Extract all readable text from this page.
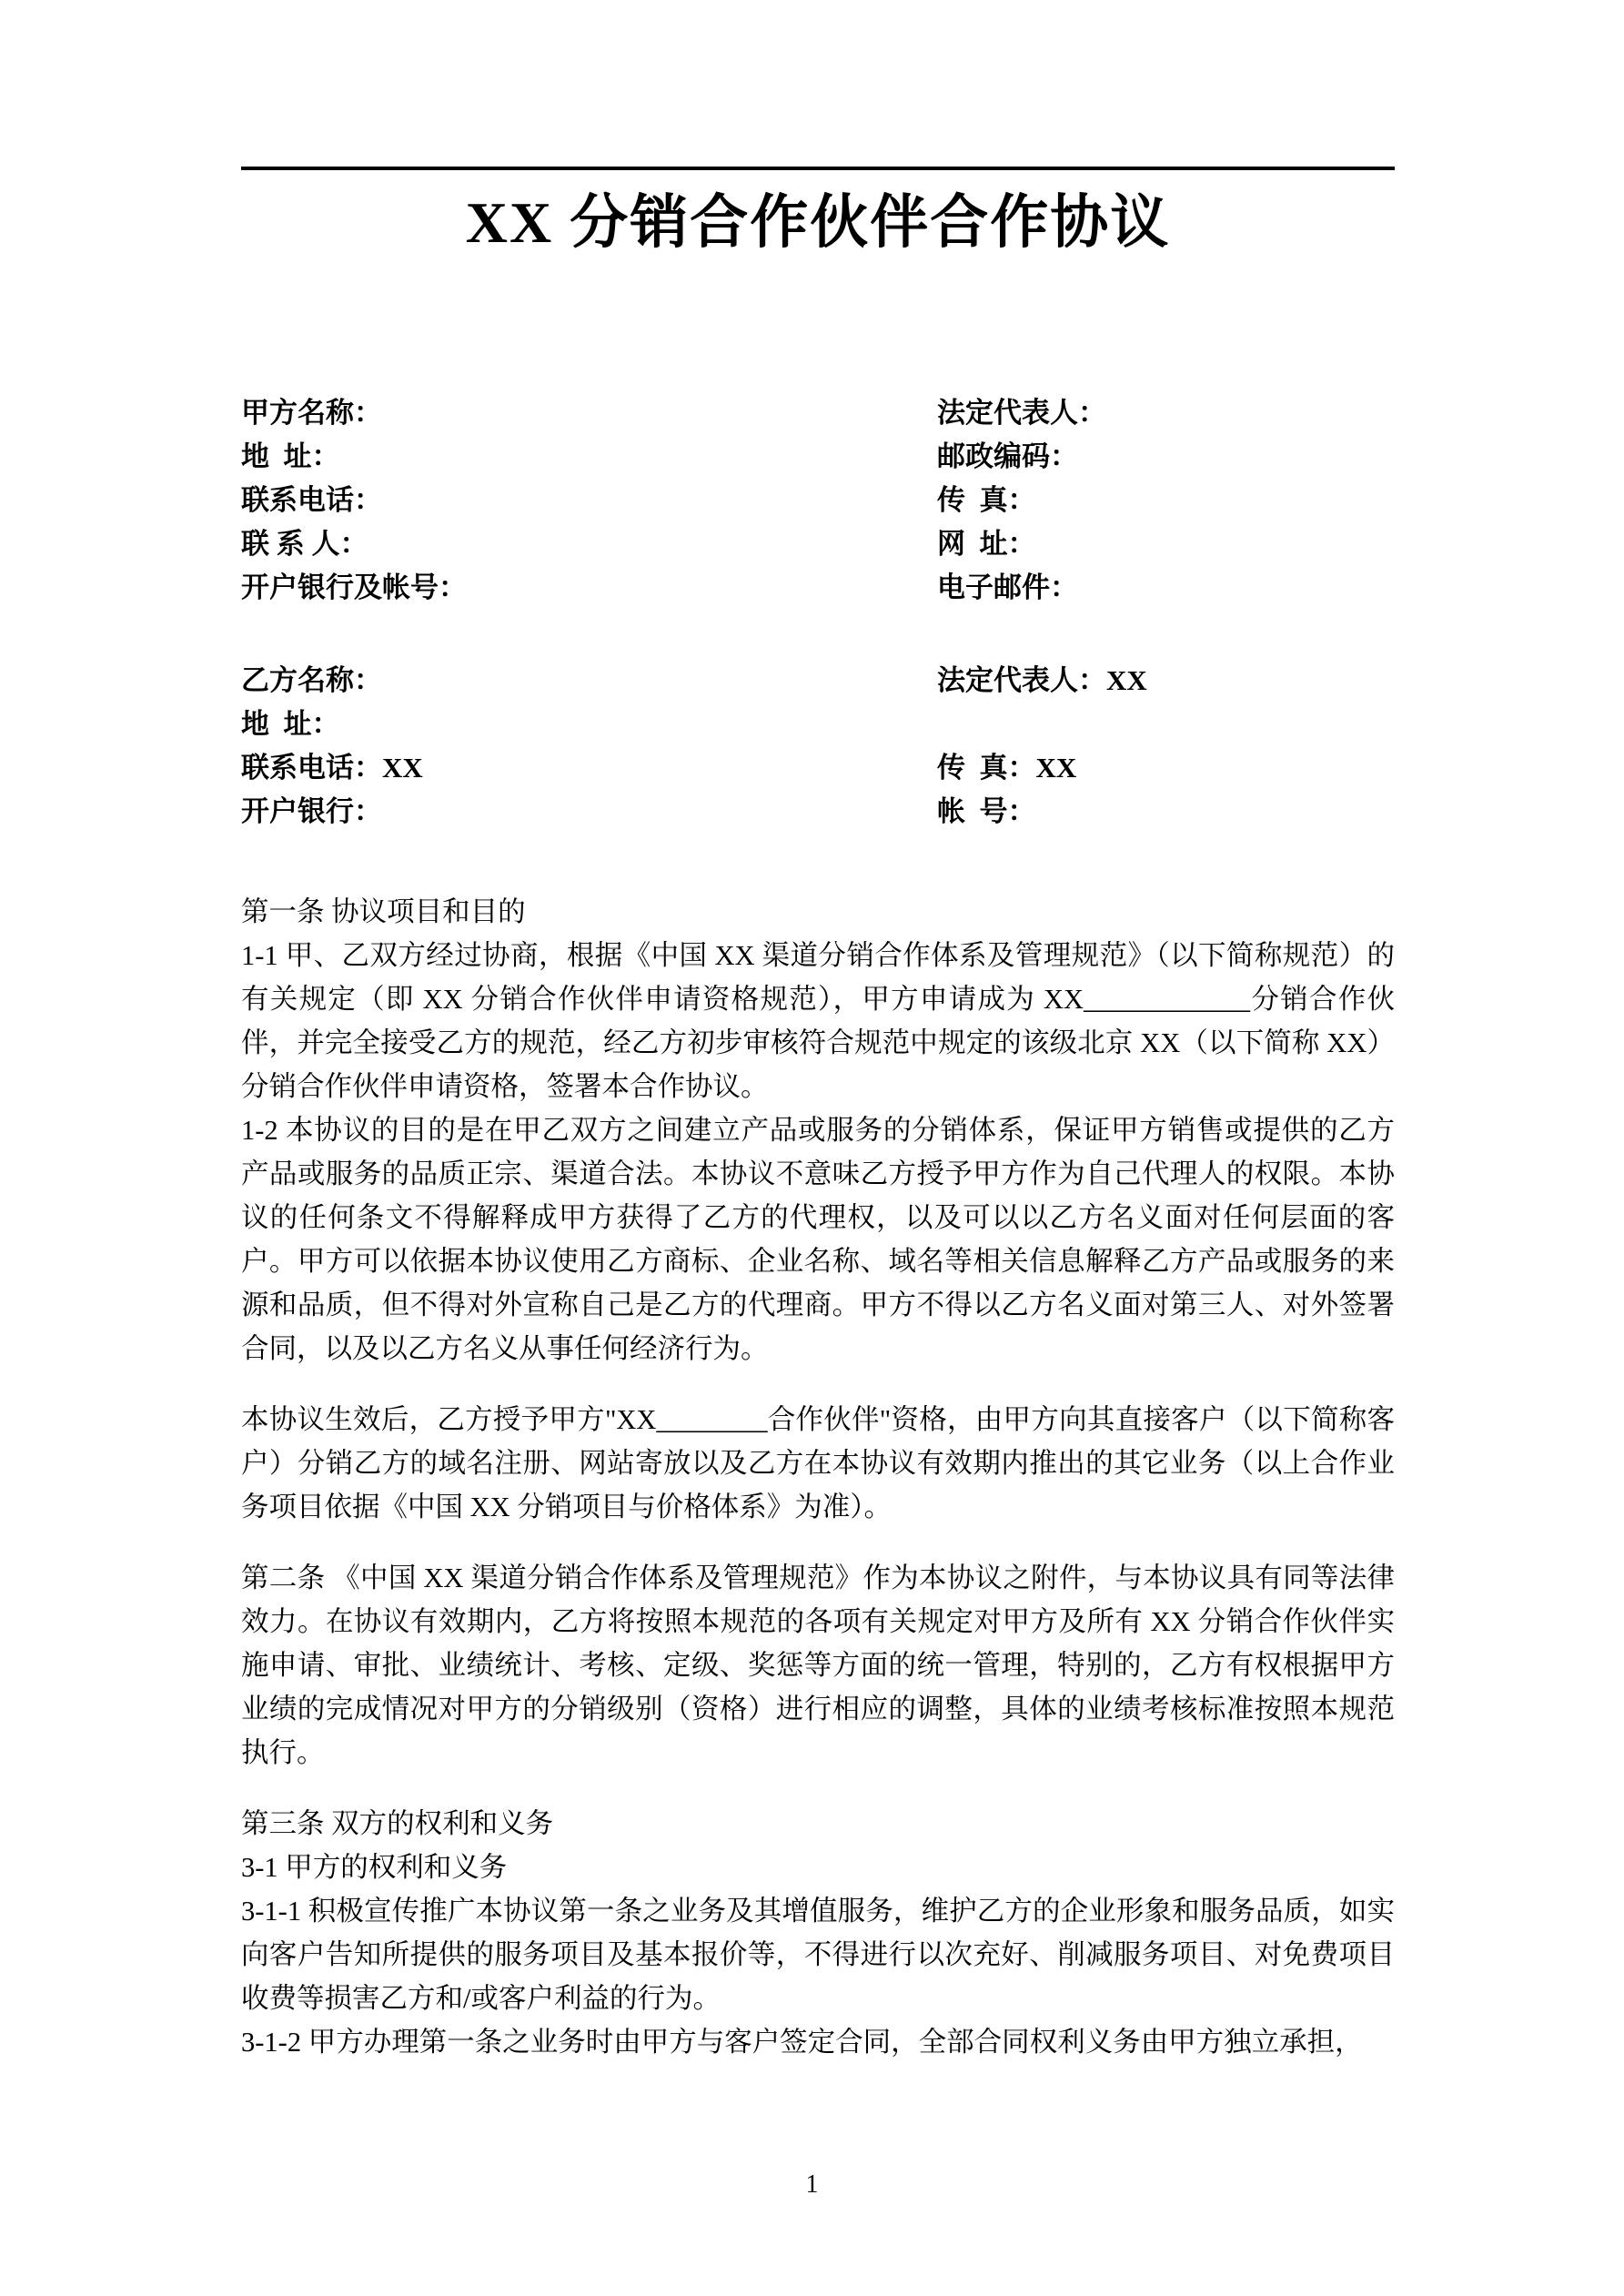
XX 分销合作伙伴合作协议
甲方名称：	法定代表人：
地  址：	邮政编码：
联系电话：	传  真：
联 系 人：	网  址：
开户银行及帐号：	电子邮件：
乙方名称：	法定代表人：XX
地  址：
联系电话：XX	传  真：XX
开户银行：	帐  号：

第一条 协议项目和目的

1-1 甲、乙双方经过协商，根据《中国 XX 渠道分销合作体系及管理规范》（以下简称规范）的有关规定（即 XX 分销合作伙伴申请资格规范），甲方申请成为 XX____________分销合作伙伴，并完全接受乙方的规范，经乙方初步审核符合规范中规定的该级北京 XX（以下简称 XX）分销合作伙伴申请资格，签署本合作协议。

1-2 本协议的目的是在甲乙双方之间建立产品或服务的分销体系，保证甲方销售或提供的乙方产品或服务的品质正宗、渠道合法。本协议不意味乙方授予甲方作为自己代理人的权限。本协议的任何条文不得解释成甲方获得了乙方的代理权，以及可以以乙方名义面对任何层面的客户。甲方可以依据本协议使用乙方商标、企业名称、域名等相关信息解释乙方产品或服务的来源和品质，但不得对外宣称自己是乙方的代理商。甲方不得以乙方名义面对第三人、对外签署合同，以及以乙方名义从事任何经济行为。

本协议生效后，乙方授予甲方"XX________合作伙伴"资格，由甲方向其直接客户（以下简称客户）分销乙方的域名注册、网站寄放以及乙方在本协议有效期内推出的其它业务（以上合作业务项目依据《中国 XX 分销项目与价格体系》为准）。

第二条 《中国 XX 渠道分销合作体系及管理规范》作为本协议之附件，与本协议具有同等法律效力。在协议有效期内，乙方将按照本规范的各项有关规定对甲方及所有 XX 分销合作伙伴实施申请、审批、业绩统计、考核、定级、奖惩等方面的统一管理，特别的，乙方有权根据甲方业绩的完成情况对甲方的分销级别（资格）进行相应的调整，具体的业绩考核标准按照本规范执行。

第三条 双方的权利和义务

3-1 甲方的权利和义务

3-1-1 积极宣传推广本协议第一条之业务及其增值服务，维护乙方的企业形象和服务品质，如实向客户告知所提供的服务项目及基本报价等，不得进行以次充好、削减服务项目、对免费项目收费等损害乙方和/或客户利益的行为。

3-1-2 甲方办理第一条之业务时由甲方与客户签定合同，全部合同权利义务由甲方独立承担，

1
